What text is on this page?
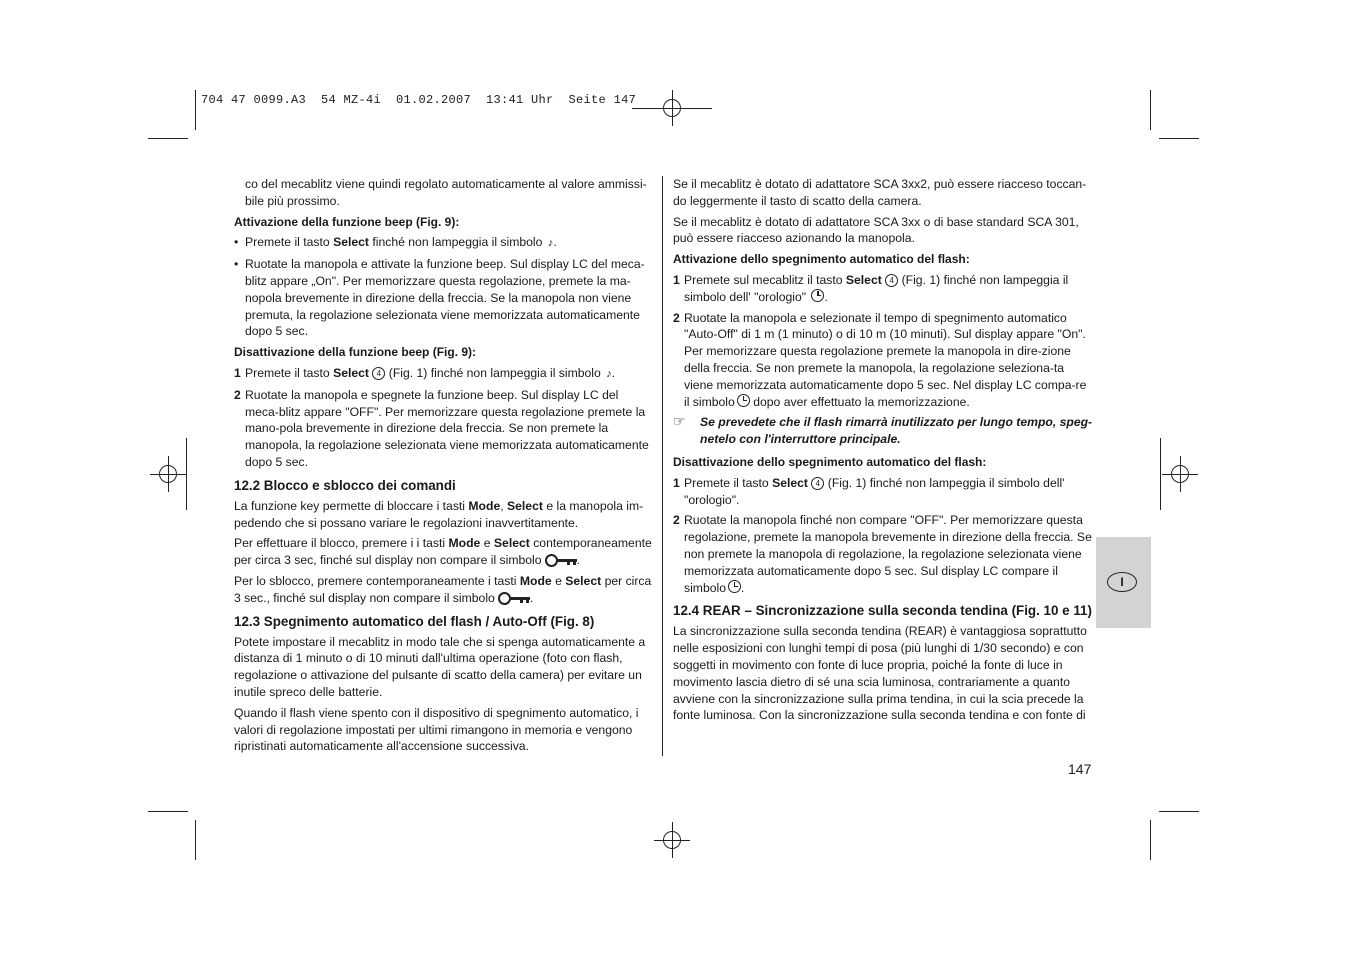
704 47 0099.A3  54 MZ-4i  01.02.2007  13:41 Uhr  Seite 147

co del mecablitz viene quindi regolato automaticamente al valore ammissi-bile più prossimo.

Attivazione della funzione beep (Fig. 9):

• Premete il tasto Select finché non lampeggia il simbolo ♪.
• Ruotate la manopola e attivate la funzione beep. Sul display LC del meca-blitz appare „On". Per memorizzare questa regolazione, premete la ma-nopola brevemente in direzione della freccia. Se la manopola non viene premuta, la regolazione selezionata viene memorizzata automaticamente dopo 5 sec.

Disattivazione della funzione beep (Fig. 9):

1 Premete il tasto Select 4 (Fig. 1) finché non lampeggia il simbolo ♪.
2 Ruotate la manopola e spegnete la funzione beep. Sul display LC del meca-blitz appare "OFF". Per memorizzare questa regolazione premete la mano-pola brevemente in direzione dela freccia. Se non premete la manopola, la regolazione selezionata viene memorizzata automaticamente dopo 5 sec.
12.2 Blocco e sblocco dei comandi

La funzione key permette di bloccare i tasti Mode, Select e la manopola im-pedendo che si possano variare le regolazioni inavvertitamente.

Per effettuare il blocco, premere i i tasti Mode e Select contemporaneamente per circa 3 sec, finché sul display non compare il simbolo	.

Per lo sblocco, premere contemporaneamente i tasti Mode e Select per circa 3 sec., finché sul display non compare il simbolo	.

12.3 Spegnimento automatico del flash / Auto-Off (Fig. 8)

Potete impostare il mecablitz in modo tale che si spenga automaticamente a distanza di 1 minuto o di 10 minuti dall'ultima operazione (foto con flash, regolazione o attivazione del pulsante di scatto della camera) per evitare un inutile spreco delle batterie.

Quando il flash viene spento con il dispositivo di spegnimento automatico, i valori di regolazione impostati per ultimi rimangono in memoria e vengono ripristinati automaticamente all'accensione successiva.

Se il mecablitz è dotato di adattatore SCA 3xx2, può essere riacceso toccan-do leggermente il tasto di scatto della camera.

Se il mecablitz è dotato di adattatore SCA 3xx o di base standard SCA 301, può essere riacceso azionando la manopola.

Attivazione dello spegnimento automatico del flash:

1 Premete sul mecablitz il tasto Select 4 (Fig. 1) finché non lampeggia il simbolo dell' "orologio" .
2 Ruotate la manopola e selezionate il tempo di spegnimento automatico "Auto-Off" di 1 m (1 minuto) o di 10 m (10 minuti). Sul display appare "On". Per memorizzare questa regolazione premete la manopola in dire-zione della freccia. Se non premete la manopola, la regolazione seleziona-ta viene memorizzata automaticamente dopo 5 sec. Nel display LC compa-re il simbolo dopo aver effettuato la memorizzazione.
☞ Se prevedete che il flash rimarrà inutilizzato per lungo tempo, speg-netelo con l'interruttore principale.

Disattivazione dello spegnimento automatico del flash:

1 Premete il tasto Select 4 (Fig. 1) finché non lampeggia il simbolo dell' "orologio".
2 Ruotate la manopola finché non compare "OFF". Per memorizzare questa regolazione, premete la manopola brevemente in direzione della freccia. Se non premete la manopola di regolazione, la regolazione selezionata viene memorizzata automaticamente dopo 5 sec. Sul display LC compare il simbolo .
12.4 REAR – Sincronizzazione sulla seconda tendina (Fig. 10 e 11)

La sincronizzazione sulla seconda tendina (REAR) è vantaggiosa soprattutto nelle esposizioni con lunghi tempi di posa (più lunghi di 1/30 secondo) e con soggetti in movimento con fonte di luce propria, poiché la fonte di luce in movimento lascia dietro di sé una scia luminosa, contrariamente a quanto avviene con la sincronizzazione sulla prima tendina, in cui la scia precede la fonte luminosa. Con la sincronizzazione sulla seconda tendina e con fonte di

I
147
